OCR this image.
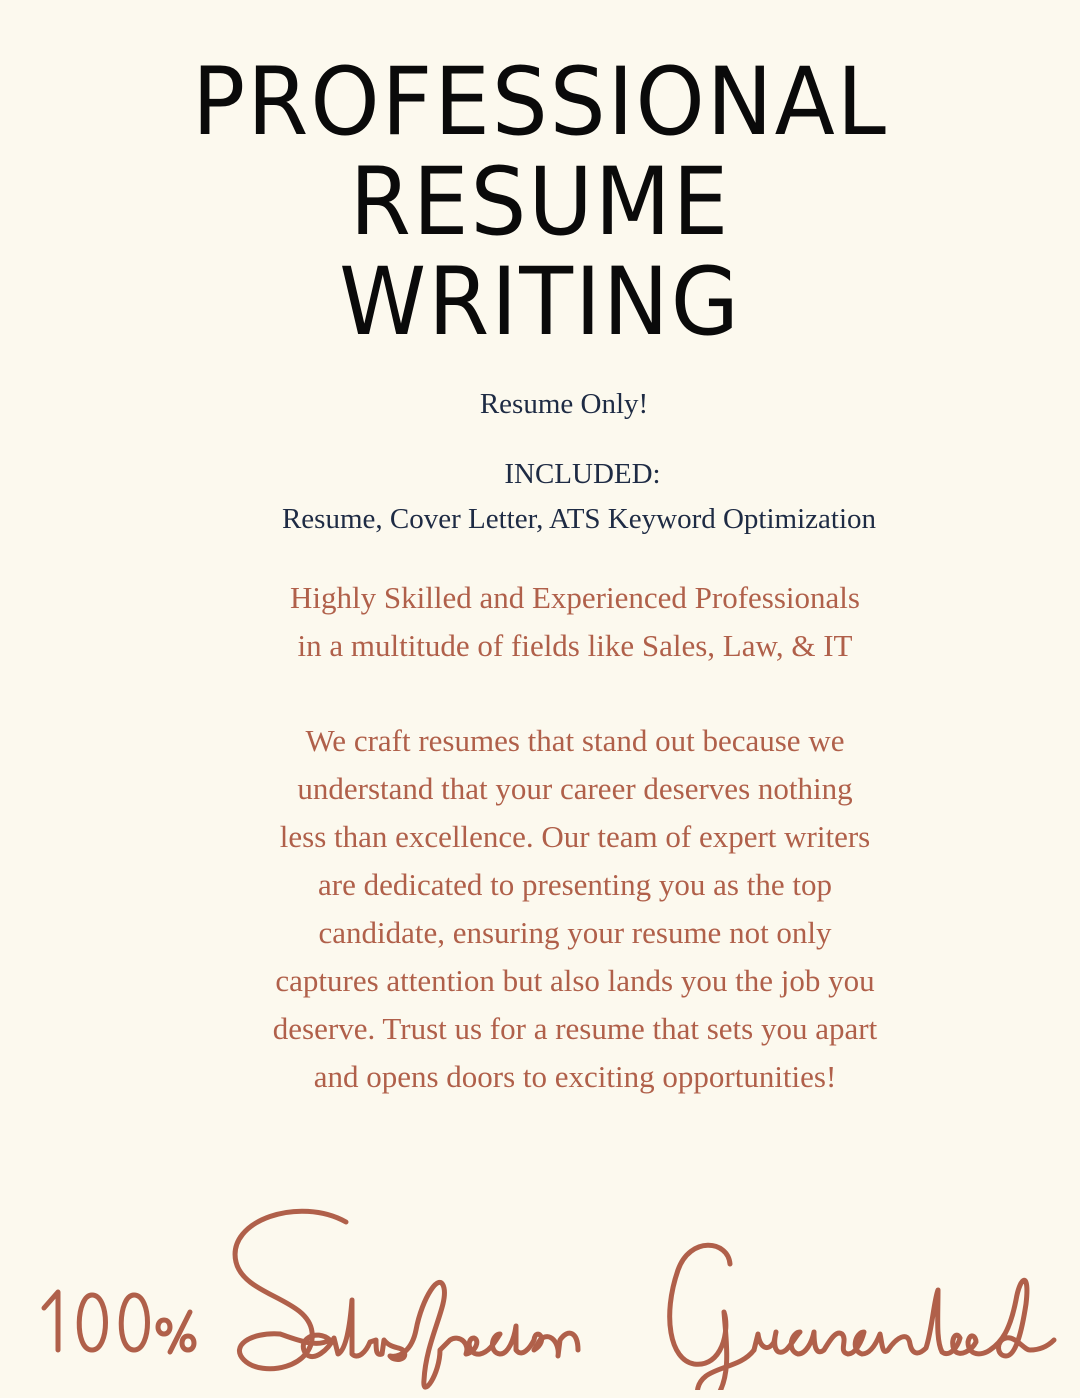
PROFESSIONAL
RESUME
WRITING
Resume Only!
INCLUDED:
Resume, Cover Letter, ATS Keyword Optimization
Highly Skilled and Experienced Professionals
in a multitude of fields like Sales, Law, & IT
We craft resumes that stand out because we
understand that your career deserves nothing
less than excellence. Our team of expert writers
are dedicated to presenting you as the top
candidate, ensuring your resume not only
captures attention but also lands you the job you
deserve. Trust us for a resume that sets you apart
and opens doors to exciting opportunities!
